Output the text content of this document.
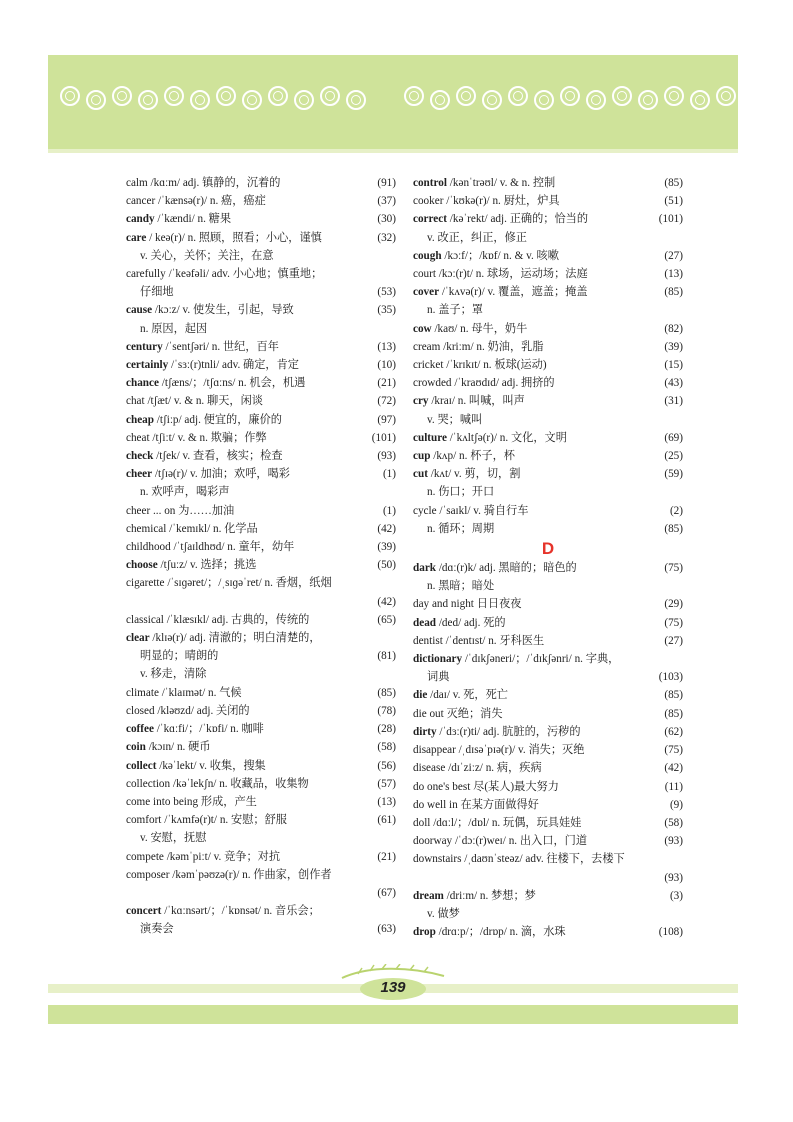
calm /kɑːm/ adj. 镇静的，沉着的	(91)
cancer /ˈkænsə(r)/ n. 癌，癌症	(37)
candy /ˈkændi/ n. 糖果	(30)
care / keə(r)/ n. 照顾，照看；小心，谨慎	(32)
v. 关心，关怀；关注，在意
carefully /ˈkeəfəli/ adv. 小心地；慎重地；
仔细地	(53)
cause /kɔːz/ v. 使发生，引起，导致	(35)
n. 原因，起因
century /ˈsentʃəri/ n. 世纪，百年	(13)
certainly /ˈsɜː(r)tnli/ adv. 确定，肯定	(10)
chance /tʃæns/；/tʃɑːns/ n. 机会，机遇	(21)
chat /tʃæt/ v. & n. 聊天，闲谈	(72)
cheap /tʃiːp/ adj. 便宜的，廉价的	(97)
cheat /tʃiːt/ v. & n. 欺骗；作弊	(101)
check /tʃek/ v. 查看，核实；检查	(93)
cheer /tʃɪə(r)/ v. 加油；欢呼，喝彩	(1)
n. 欢呼声，喝彩声
cheer ... on 为……加油	(1)
chemical /ˈkemɪkl/ n. 化学品	(42)
childhood /ˈtʃaɪldhʊd/ n. 童年，幼年	(39)
choose /tʃuːz/ v. 选择；挑选	(50)
cigarette /ˈsɪɡəret/；/ˌsɪɡəˈret/ n. 香烟，纸烟
(42)
classical /ˈklæsɪkl/ adj. 古典的，传统的	(65)
clear /klɪə(r)/ adj. 清澈的；明白清楚的，
明显的；晴朗的	(81)
v. 移走，清除
climate /ˈklaɪmət/ n. 气候	(85)
closed /kləʊzd/ adj. 关闭的	(78)
coffee /ˈkɑːfi/；/ˈkɒfi/ n. 咖啡	(28)
coin /kɔɪn/ n. 硬币	(58)
collect /kəˈlekt/ v. 收集，搜集	(56)
collection /kəˈlekʃn/ n. 收藏品，收集物	(57)
come into being 形成，产生	(13)
comfort /ˈkʌmfə(r)t/ n. 安慰；舒服	(61)
v. 安慰，抚慰
compete /kəmˈpiːt/ v. 竞争；对抗	(21)
composer /kəmˈpəʊzə(r)/ n. 作曲家，创作者
(67)
concert /ˈkɑːnsərt/；/ˈkɒnsət/ n. 音乐会；
演奏会	(63)
control /kənˈtrəʊl/ v. & n. 控制	(85)
cooker /ˈkʊkə(r)/ n. 厨灶，炉具	(51)
correct /kəˈrekt/ adj. 正确的；恰当的	(101)
v. 改正，纠正，修正
cough /kɔːf/；/kɒf/ n. & v. 咳嗽	(27)
court /kɔː(r)t/ n. 球场，运动场；法庭	(13)
cover /ˈkʌvə(r)/ v. 覆盖，遮盖；掩盖	(85)
n. 盖子；罩
cow /kaʊ/ n. 母牛，奶牛	(82)
cream /kriːm/ n. 奶油，乳脂	(39)
cricket /ˈkrɪkɪt/ n. 板球(运动)	(15)
crowded /ˈkraʊdɪd/ adj. 拥挤的	(43)
cry /kraɪ/ n. 叫喊，叫声	(31)
v. 哭；喊叫
culture /ˈkʌltʃə(r)/ n. 文化，文明	(69)
cup /kʌp/ n. 杯子，杯	(25)
cut /kʌt/ v. 剪，切，割	(59)
n. 伤口；开口
cycle /ˈsaɪkl/ v. 骑自行车	(2)
n. 循环；周期	(85)
D
dark /dɑː(r)k/ adj. 黑暗的；暗色的	(75)
n. 黑暗；暗处
day and night 日日夜夜	(29)
dead /ded/ adj. 死的	(75)
dentist /ˈdentɪst/ n. 牙科医生	(27)
dictionary /ˈdɪkʃəneri/；/ˈdɪkʃənri/ n. 字典，
词典	(103)
die /daɪ/ v. 死，死亡	(85)
die out 灭绝；消失	(85)
dirty /ˈdɜː(r)ti/ adj. 肮脏的，污秽的	(62)
disappear /ˌdɪsəˈpɪə(r)/ v. 消失；灭绝	(75)
disease /dɪˈziːz/ n. 病，疾病	(42)
do one's best 尽(某人)最大努力	(11)
do well in 在某方面做得好	(9)
doll /dɑːl/；/dɒl/ n. 玩偶，玩具娃娃	(58)
doorway /ˈdɔː(r)weɪ/ n. 出入口，门道	(93)
downstairs /ˌdaʊnˈsteəz/ adv. 往楼下，去楼下
(93)
dream /driːm/ n. 梦想；梦	(3)
v. 做梦
drop /drɑːp/；/drɒp/ n. 滴，水珠	(108)
139
